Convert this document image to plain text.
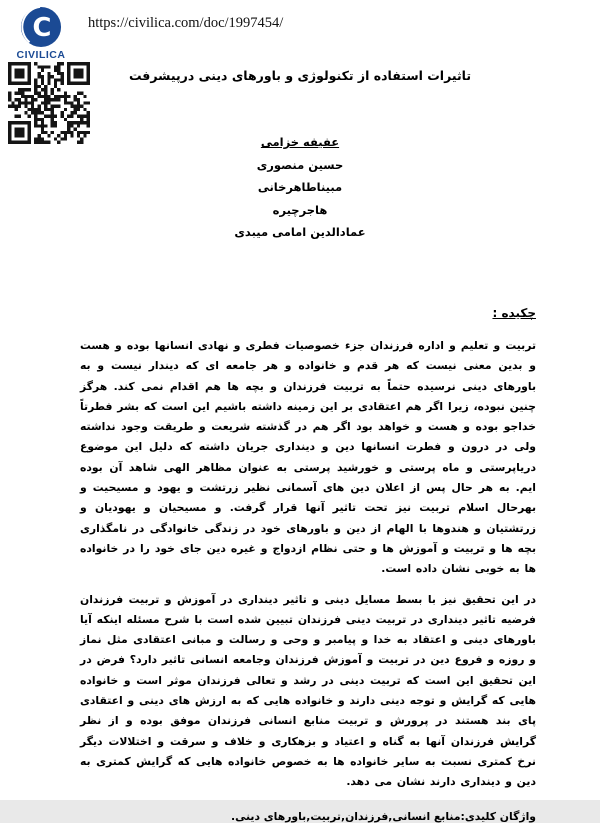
C
CIVILICA
https://civilica.com/doc/1997454/
تاثیرات استفاده از تکنولوژی و باورهای دینی درپیشرفت
عفیفه خزامی
حسین منصوری
مبیناطاهرخانی
هاجرچیره
عمادالدین امامی میبدی
چکیده :

تربیت و تعلیم و اداره فرزندان جزء خصوصیات فطری و نهادی انسانها بوده و هست و بدین معنی نیست که هر قدم و خانواده و هر جامعه ای که دیندار نیست و به باورهای دینی نرسیده حتماً به تربیت فرزندان و بچه ها هم اقدام نمی کند. هرگز چنین نبوده، زیرا اگر هم اعتقادی بر این زمینه داشته باشیم این است که بشر فطرتاً خداجو بوده و هست و خواهد بود اگر هم در گذشته شریعت و طریقت وجود نداشته ولی در درون و فطرت انسانها دین و دینداری جریان داشته که دلیل این موضوع دریاپرستی و ماه پرستی و خورشید پرستی به عنوان مظاهر الهی شاهد آن بوده ایم. به هر حال پس از اعلان دین های آسمانی نظیر زرتشت و یهود و مسیحیت و بهرحال اسلام تربیت نیز تحت تاثیر آنها قرار گرفت. و مسیحیان و یهودیان و زرتشتیان و هندوها با الهام از دین و باورهای خود در زندگی خانوادگی در نامگذاری بچه ها و تربیت و آموزش ها و حتی نظام ازدواج و غیره دین جای خود را در خانواده ها به خوبی نشان داده است.

در این تحقیق نیز با بسط مسایل دینی و تاثیر دینداری در آموزش و تربیت فرزندان فرضیه تاثیر دینداری در تربیت دینی فرزندان تبیین شده است با شرح مسئله اینکه آیا باورهای دینی و اعتقاد به خدا و پیامبر و وحی و رسالت و مبانی اعتقادی مثل نماز و روزه و فروع دین در تربیت و آموزش فرزندان وجامعه انسانی تاثیر دارد؟ فرض در این تحقیق این است که تربیت دینی در رشد و تعالی فرزندان موثر است و خانواده هایی که گرایش و توجه دینی دارند و خانواده هایی که به ارزش های دینی و اعتقادی پای بند هستند در پرورش و تربیت منابع انسانی فرزندان موفق بوده و از نظر گرایش فرزندان آنها به گناه و اعتیاد و بزهکاری و خلاف و سرقت و اختلالات دیگر نرخ کمتری نسبت به سایر خانواده ها به خصوص خانواده هایی که گرایش کمتری به دین و دینداری دارند نشان می دهد.

واژگان کلیدی:منابع انسانی,فرزندان,تربیت,باورهای دینی.
